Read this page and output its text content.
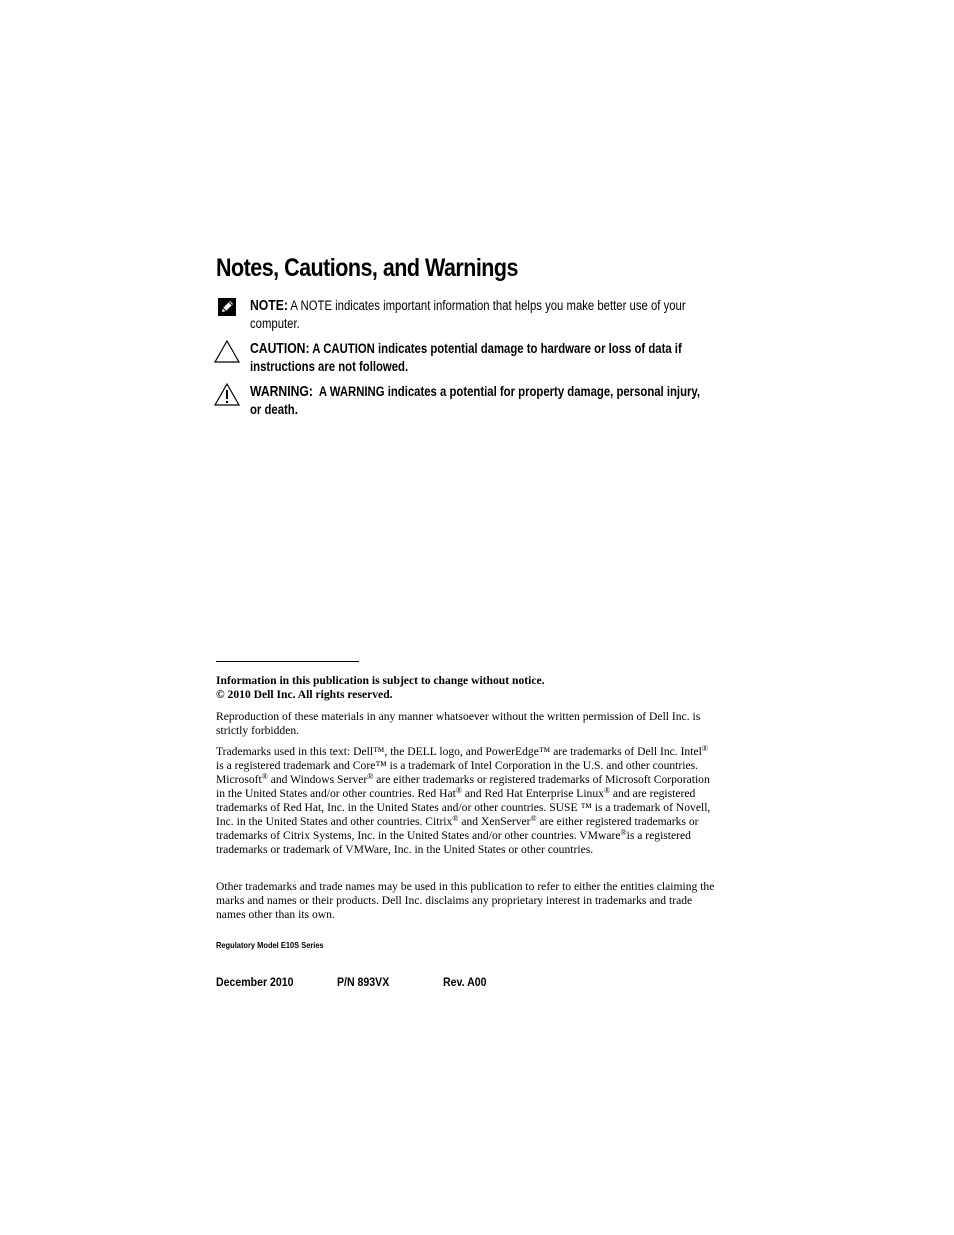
Notes, Cautions, and Warnings

NOTE: A NOTE indicates important information that helps you make better use of your computer.

CAUTION: A CAUTION indicates potential damage to hardware or loss of data if instructions are not followed.

WARNING: A WARNING indicates a potential for property damage, personal injury, or death.

Information in this publication is subject to change without notice.
© 2010 Dell Inc. All rights reserved.

Reproduction of these materials in any manner whatsoever without the written permission of Dell Inc. is strictly forbidden.

Trademarks used in this text: Dell™, the DELL logo, and PowerEdge™ are trademarks of Dell Inc. Intel® is a registered trademark and Core™ is a trademark of Intel Corporation in the U.S. and other countries. Microsoft® and Windows Server® are either trademarks or registered trademarks of Microsoft Corporation in the United States and/or other countries. Red Hat® and Red Hat Enterprise Linux® and are registered trademarks of Red Hat, Inc. in the United States and/or other countries. SUSE ™ is a trademark of Novell, Inc. in the United States and other countries. Citrix® and XenServer® are either registered trademarks or trademarks of Citrix Systems, Inc. in the United States and/or other countries. VMware®is a registered trademarks or trademark of VMWare, Inc. in the United States or other countries.

Other trademarks and trade names may be used in this publication to refer to either the entities claiming the marks and names or their products. Dell Inc. disclaims any proprietary interest in trademarks and trade names other than its own.

Regulatory Model E10S Series

December 2010	P/N 893VX	Rev. A00
